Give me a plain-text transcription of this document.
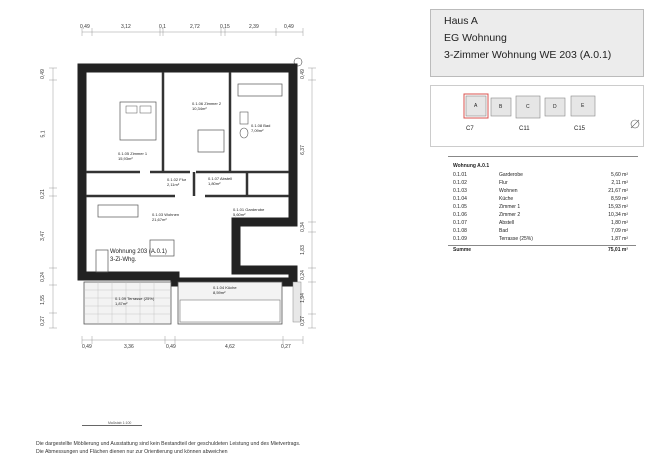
0,49	3,12	0,1	2,72	0,15	2,39	0,49
0,49	3,36	0,49	4,62	0,27
0,49
5,1
0,21
3,47
0,24
1,55
0,27
0,49
6,37
0,34
1,83
0,24
1,94
0,27
0.1.05 Zimmer 1
15,93m²
0.1.06 Zimmer 2
10,34m²
0.1.08 Bad
7,09m²
0.1.02 Flur
2,11m²
0.1.07 Abstell
1,80m²
0.1.03 Wohnen
21,67m²
0.1.01 Garderobe
5,60m²
0.1.09 Terrasse (25%)
1,87m²
0.1.04 Küche
8,59m²
Wohnung 203 (A.0.1)
3-Zi-Whg.
Maßstab 1:100
Haus A
EG Wohnung
3-Zimmer Wohnung WE 203 (A.0.1)
A	B	C	D	E
C7	C11	C15
Wohnung A.0.1
0.1.01	Garderobe	5,60 m²
0.1.02	Flur	2,11 m²
0.1.03	Wohnen	21,67 m²
0.1.04	Küche	8,59 m²
0.1.05	Zimmer 1	15,93 m²
0.1.06	Zimmer 2	10,34 m²
0.1.07	Abstell	1,80 m²
0.1.08	Bad	7,09 m²
0.1.09	Terrasse (25%)	1,87 m²
Summe	75,01 m²
Die dargestellte Möblierung und Ausstattung sind kein Bestandteil der geschuldeten Leistung und des Mietvertrags.
Die Abmessungen und Flächen dienen nur zur Orientierung und können abweichen
